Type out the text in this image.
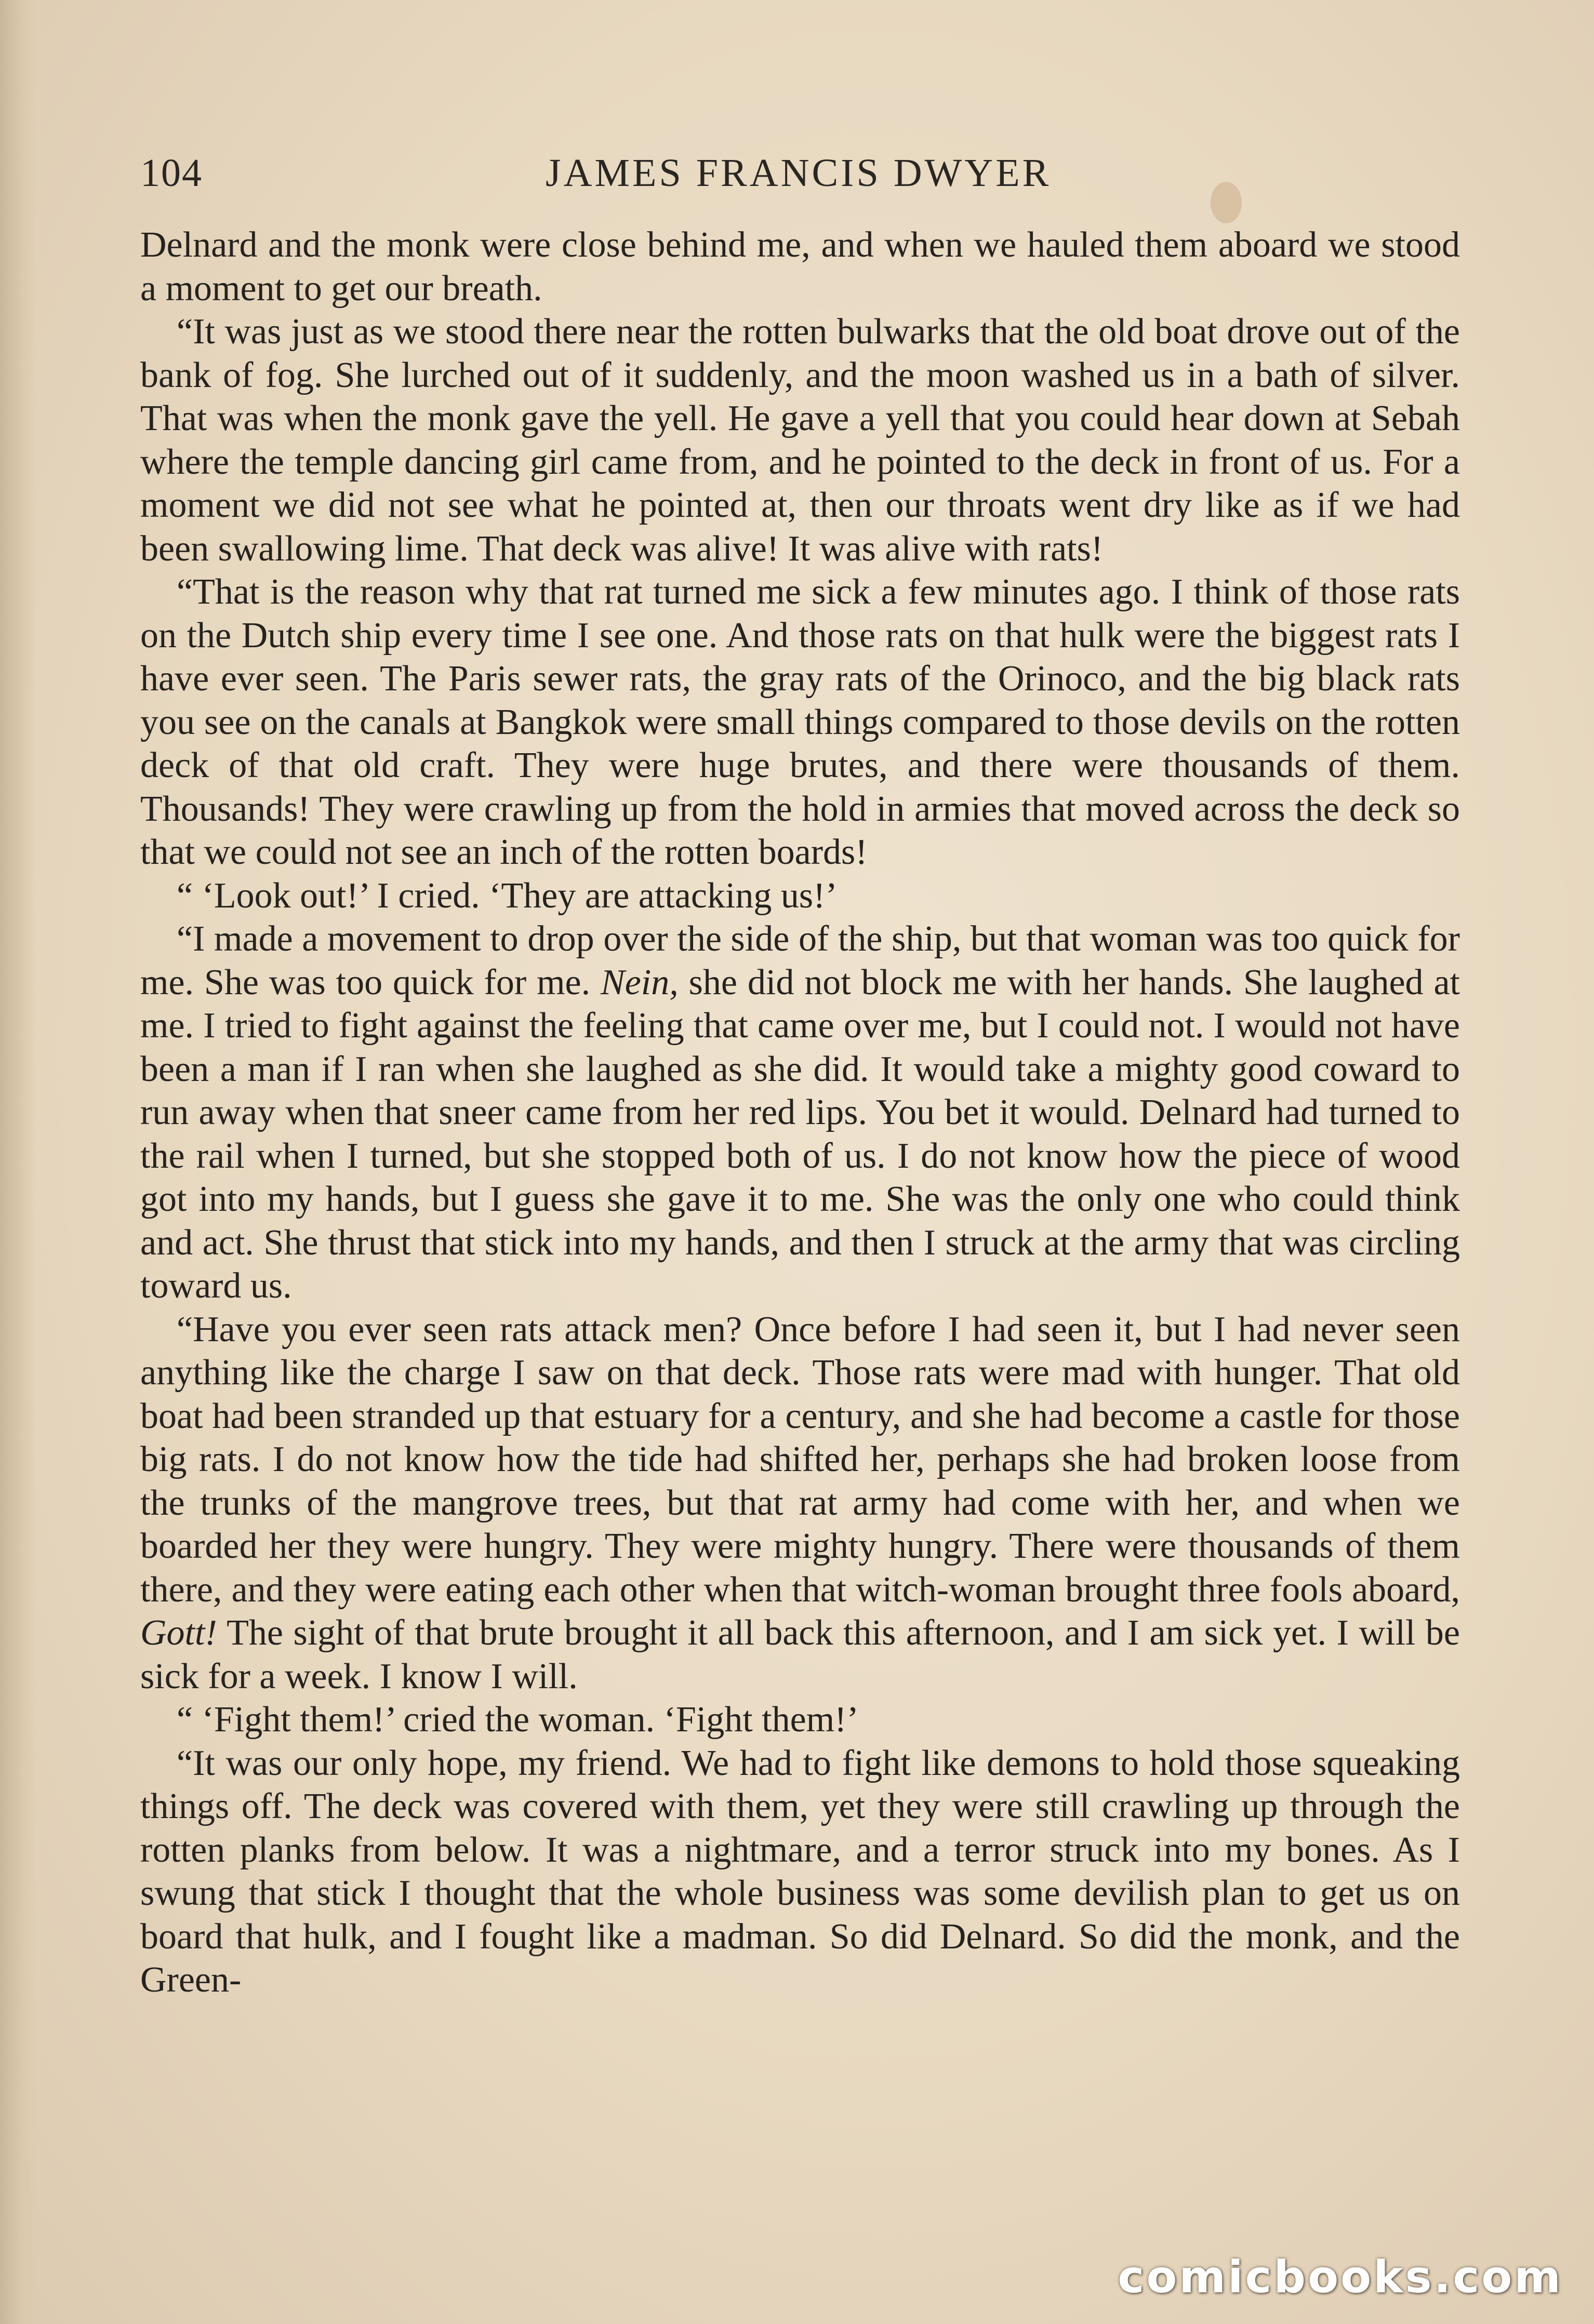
104	JAMES FRANCIS DWYER

Delnard and the monk were close behind me, and when we hauled them aboard we stood a moment to get our breath.

“It was just as we stood there near the rotten bulwarks that the old boat drove out of the bank of fog. She lurched out of it suddenly, and the moon washed us in a bath of silver. That was when the monk gave the yell. He gave a yell that you could hear down at Sebah where the temple dancing girl came from, and he pointed to the deck in front of us. For a moment we did not see what he pointed at, then our throats went dry like as if we had been swallowing lime. That deck was alive! It was alive with rats!

“That is the reason why that rat turned me sick a few minutes ago. I think of those rats on the Dutch ship every time I see one. And those rats on that hulk were the biggest rats I have ever seen. The Paris sewer rats, the gray rats of the Orinoco, and the big black rats you see on the canals at Bangkok were small things compared to those devils on the rotten deck of that old craft. They were huge brutes, and there were thousands of them. Thousands! They were crawling up from the hold in armies that moved across the deck so that we could not see an inch of the rotten boards!

“ ‘Look out!’ I cried. ‘They are attacking us!’

“I made a movement to drop over the side of the ship, but that woman was too quick for me. She was too quick for me. Nein, she did not block me with her hands. She laughed at me. I tried to fight against the feeling that came over me, but I could not. I would not have been a man if I ran when she laughed as she did. It would take a mighty good coward to run away when that sneer came from her red lips. You bet it would. Delnard had turned to the rail when I turned, but she stopped both of us. I do not know how the piece of wood got into my hands, but I guess she gave it to me. She was the only one who could think and act. She thrust that stick into my hands, and then I struck at the army that was circling toward us.

“Have you ever seen rats attack men? Once before I had seen it, but I had never seen anything like the charge I saw on that deck. Those rats were mad with hunger. That old boat had been stranded up that estuary for a century, and she had become a castle for those big rats. I do not know how the tide had shifted her, perhaps she had broken loose from the trunks of the mangrove trees, but that rat army had come with her, and when we boarded her they were hungry. They were mighty hungry. There were thousands of them there, and they were eating each other when that witch-woman brought three fools aboard, Gott! The sight of that brute brought it all back this afternoon, and I am sick yet. I will be sick for a week. I know I will.

“ ‘Fight them!’ cried the woman. ‘Fight them!’

“It was our only hope, my friend. We had to fight like demons to hold those squeaking things off. The deck was covered with them, yet they were still crawling up through the rotten planks from below. It was a nightmare, and a terror struck into my bones. As I swung that stick I thought that the whole business was some devilish plan to get us on board that hulk, and I fought like a madman. So did Delnard. So did the monk, and the Green-

comicbooks.com
